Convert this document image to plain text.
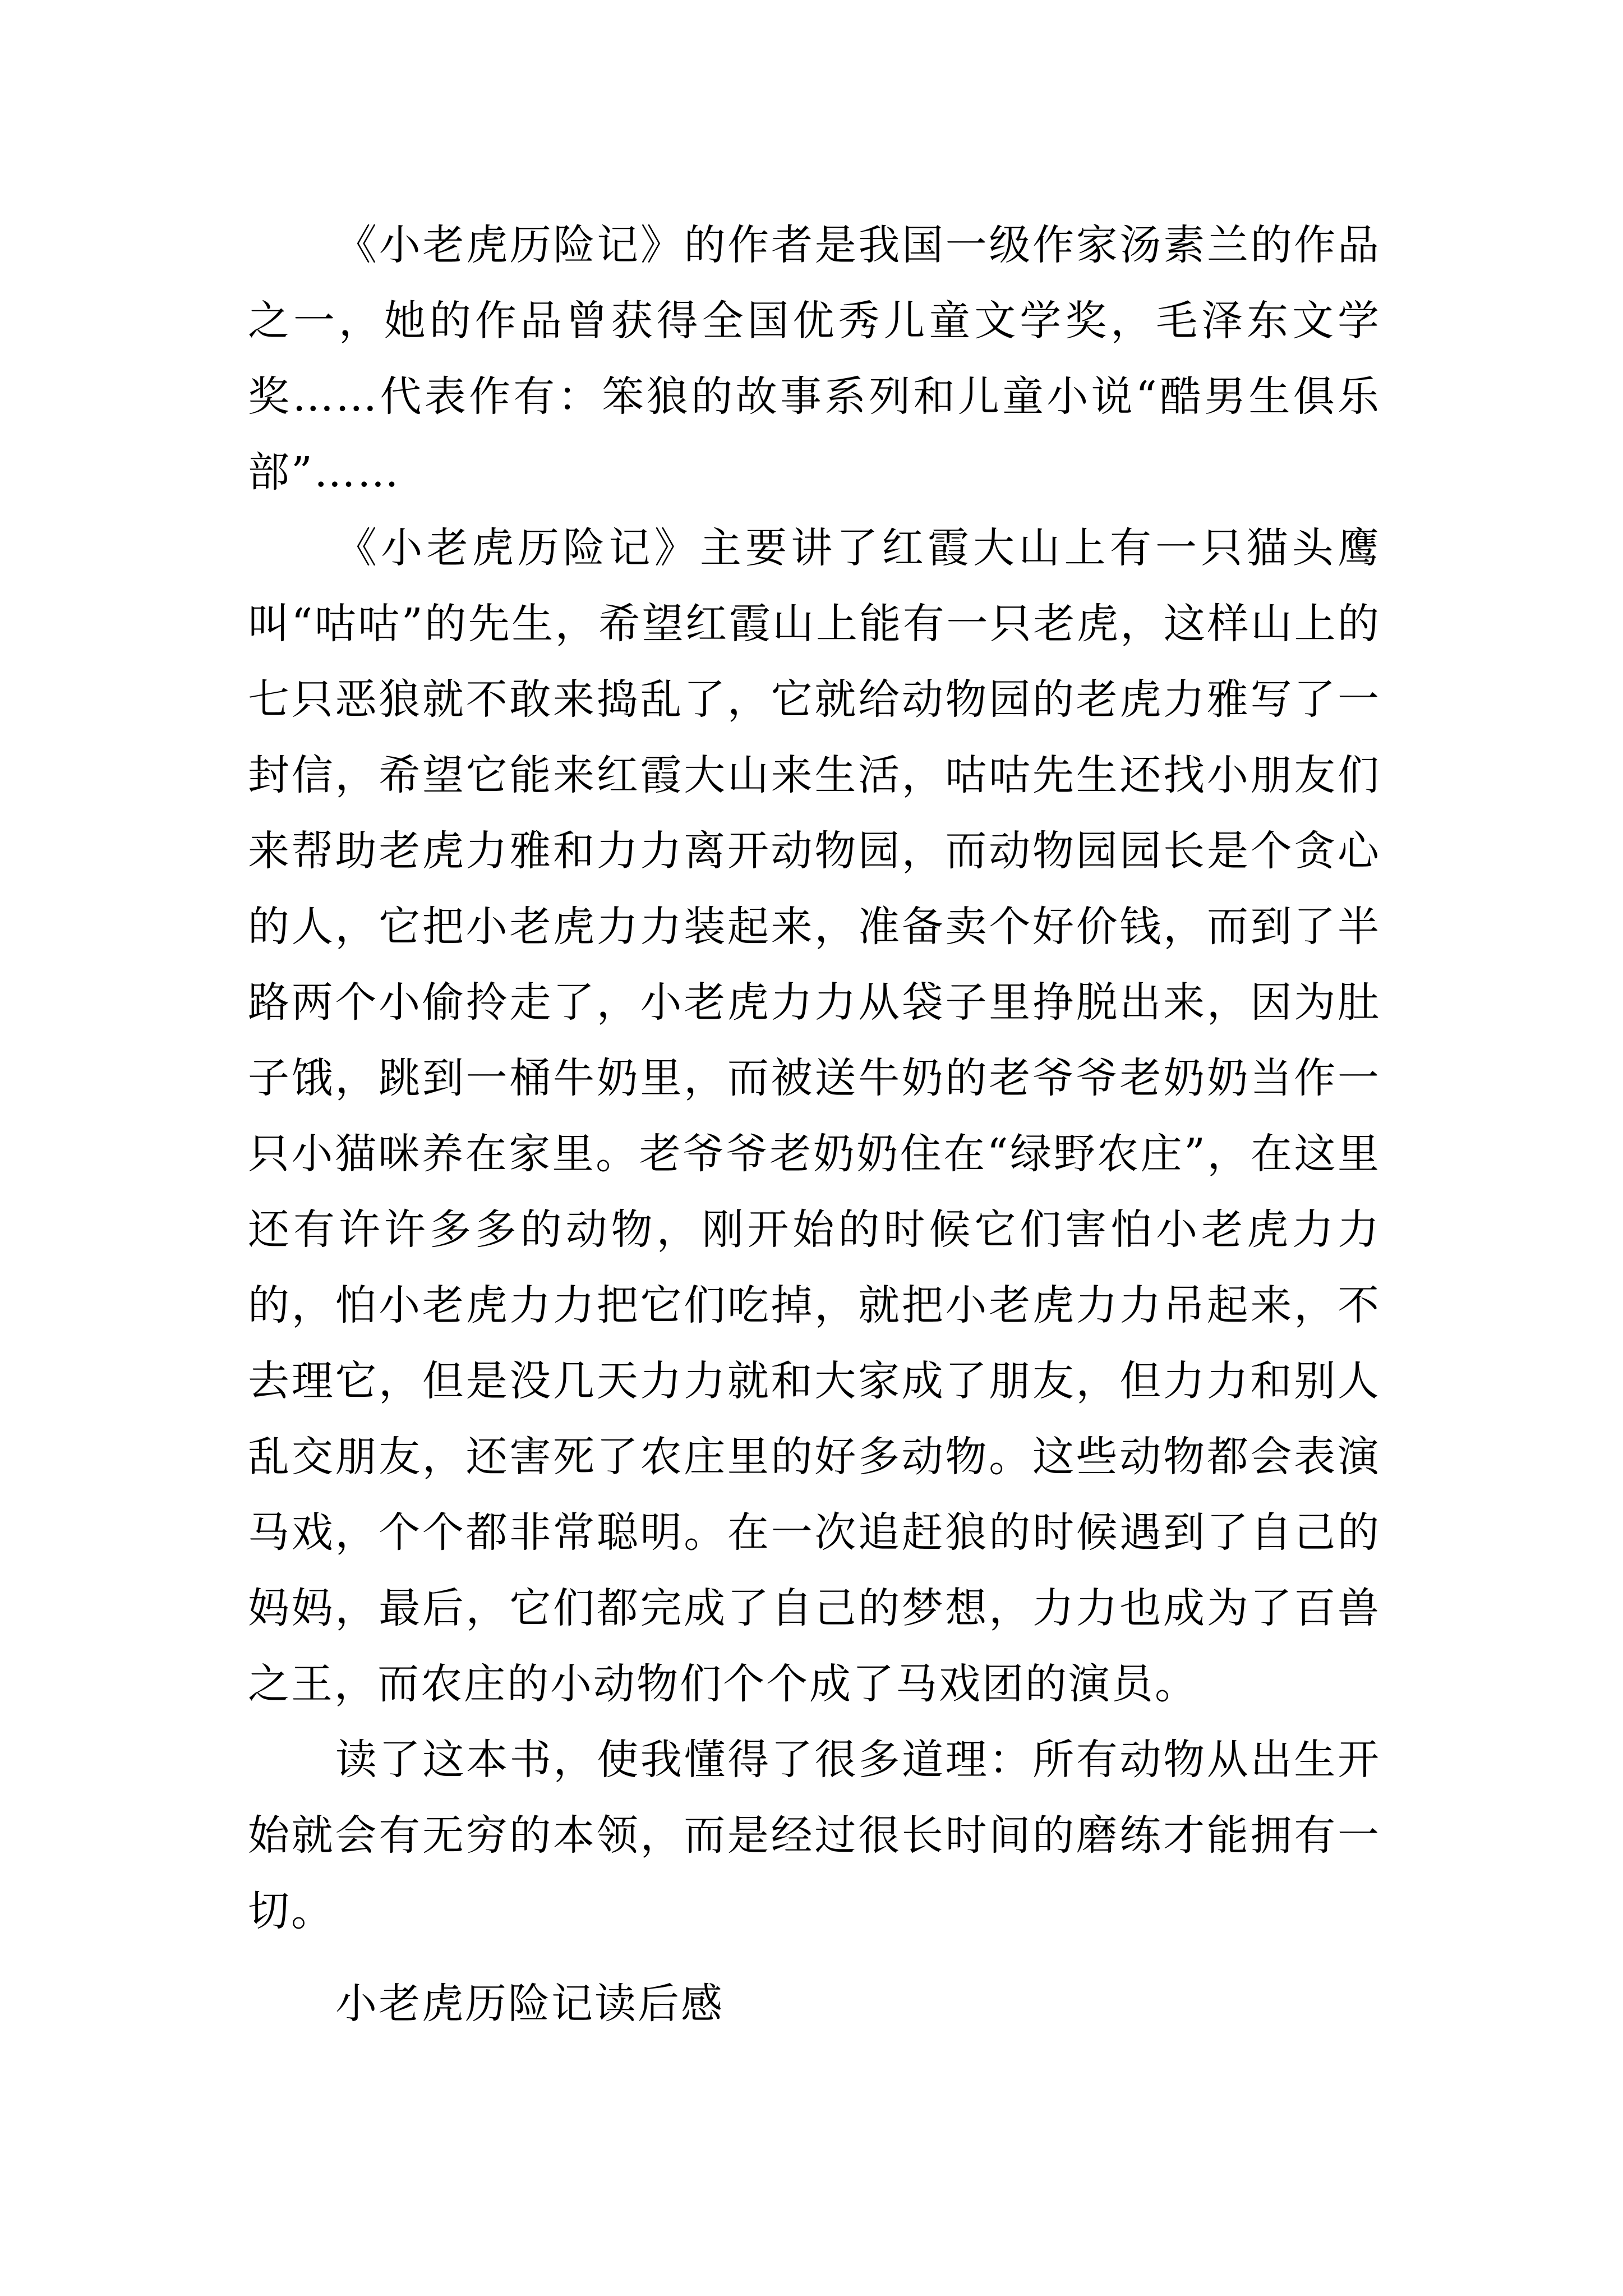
《小老虎历险记》的作者是我国一级作家汤素兰的作品之一，她的作品曾获得全国优秀儿童文学奖，毛泽东文学奖……代表作有：笨狼的故事系列和儿童小说“酷男生俱乐部”……

《小老虎历险记》主要讲了红霞大山上有一只猫头鹰叫“咕咕”的先生，希望红霞山上能有一只老虎，这样山上的七只恶狼就不敢来捣乱了，它就给动物园的老虎力雅写了一封信，希望它能来红霞大山来生活，咕咕先生还找小朋友们来帮助老虎力雅和力力离开动物园，而动物园园长是个贪心的人，它把小老虎力力装起来，准备卖个好价钱，而到了半路两个小偷拎走了，小老虎力力从袋子里挣脱出来，因为肚子饿，跳到一桶牛奶里，而被送牛奶的老爷爷老奶奶当作一只小猫咪养在家里。老爷爷老奶奶住在“绿野农庄”，在这里还有许许多多的动物，刚开始的时候它们害怕小老虎力力的，怕小老虎力力把它们吃掉，就把小老虎力力吊起来，不去理它，但是没几天力力就和大家成了朋友，但力力和别人乱交朋友，还害死了农庄里的好多动物。这些动物都会表演马戏，个个都非常聪明。在一次追赶狼的时候遇到了自己的妈妈，最后，它们都完成了自己的梦想，力力也成为了百兽之王，而农庄的小动物们个个成了马戏团的演员。

读了这本书，使我懂得了很多道理：所有动物从出生开始就会有无穷的本领，而是经过很长时间的磨练才能拥有一切。

小老虎历险记读后感
